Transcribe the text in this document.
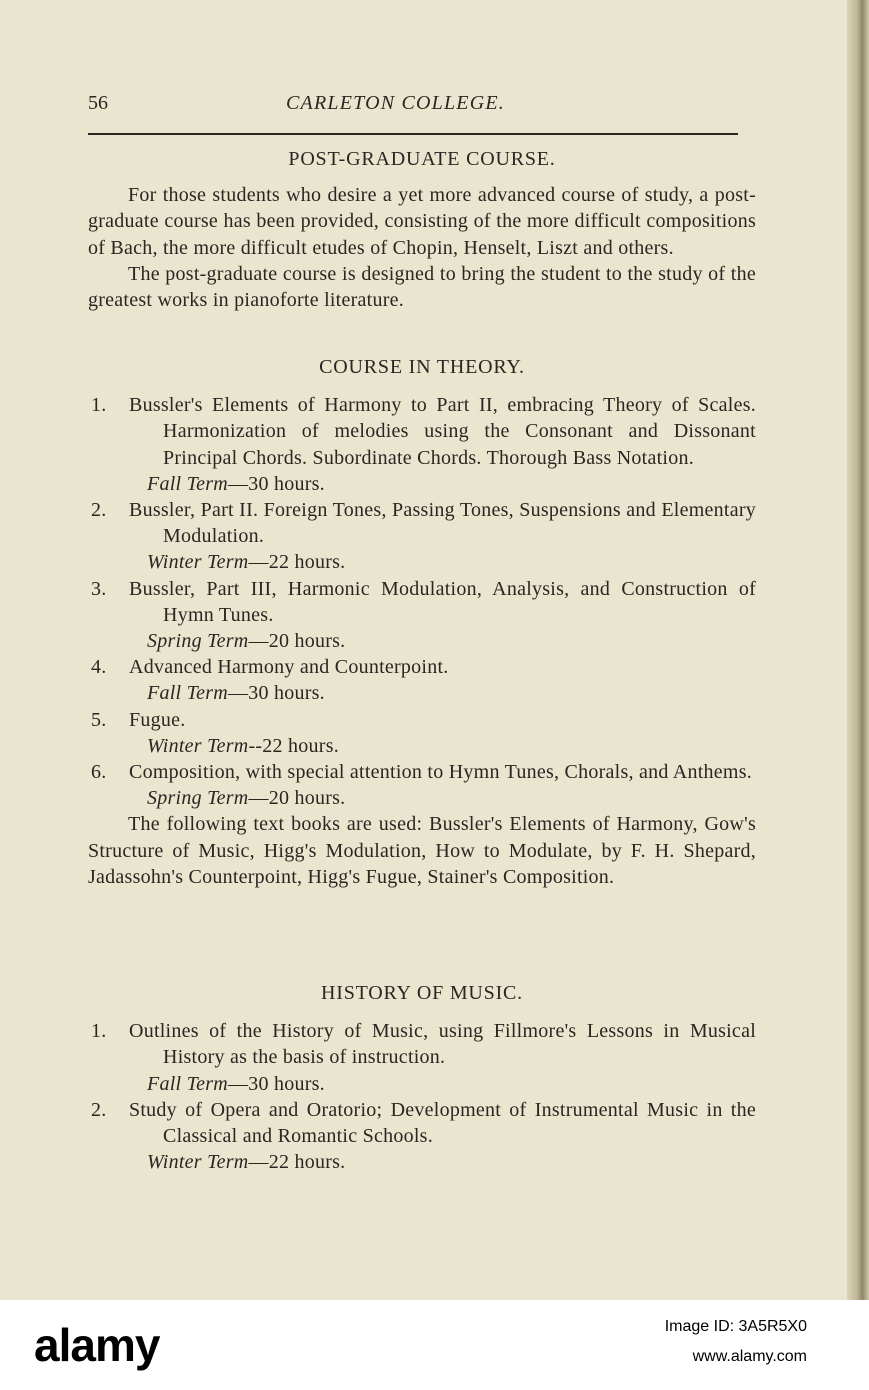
56	CARLETON COLLEGE.

POST-GRADUATE COURSE.

For those students who desire a yet more advanced course of study, a post-graduate course has been provided, consisting of the more difficult compositions of Bach, the more difficult etudes of Chopin, Henselt, Liszt and others.

The post-graduate course is designed to bring the student to the study of the greatest works in pianoforte literature.

COURSE IN THEORY.

1. Bussler's Elements of Harmony to Part II, embracing Theory of Scales. Harmonization of melodies using the Consonant and Dissonant Principal Chords. Subordinate Chords. Thorough Bass Notation.

Fall Term—30 hours.

2. Bussler, Part II. Foreign Tones, Passing Tones, Suspensions and Elementary Modulation.

Winter Term—22 hours.

3. Bussler, Part III, Harmonic Modulation, Analysis, and Construction of Hymn Tunes.

Spring Term—20 hours.

4. Advanced Harmony and Counterpoint.

Fall Term—30 hours.

5. Fugue.

Winter Term--22 hours.

6. Composition, with special attention to Hymn Tunes, Chorals, and Anthems.

Spring Term—20 hours.

The following text books are used: Bussler's Elements of Harmony, Gow's Structure of Music, Higg's Modulation, How to Modulate, by F. H. Shepard, Jadassohn's Counterpoint, Higg's Fugue, Stainer's Composition.

HISTORY OF MUSIC.

1. Outlines of the History of Music, using Fillmore's Lessons in Musical History as the basis of instruction.

Fall Term—30 hours.

2. Study of Opera and Oratorio; Development of Instrumental Music in the Classical and Romantic Schools.

Winter Term—22 hours.

alamy	Image ID: 3A5R5X0
www.alamy.com
